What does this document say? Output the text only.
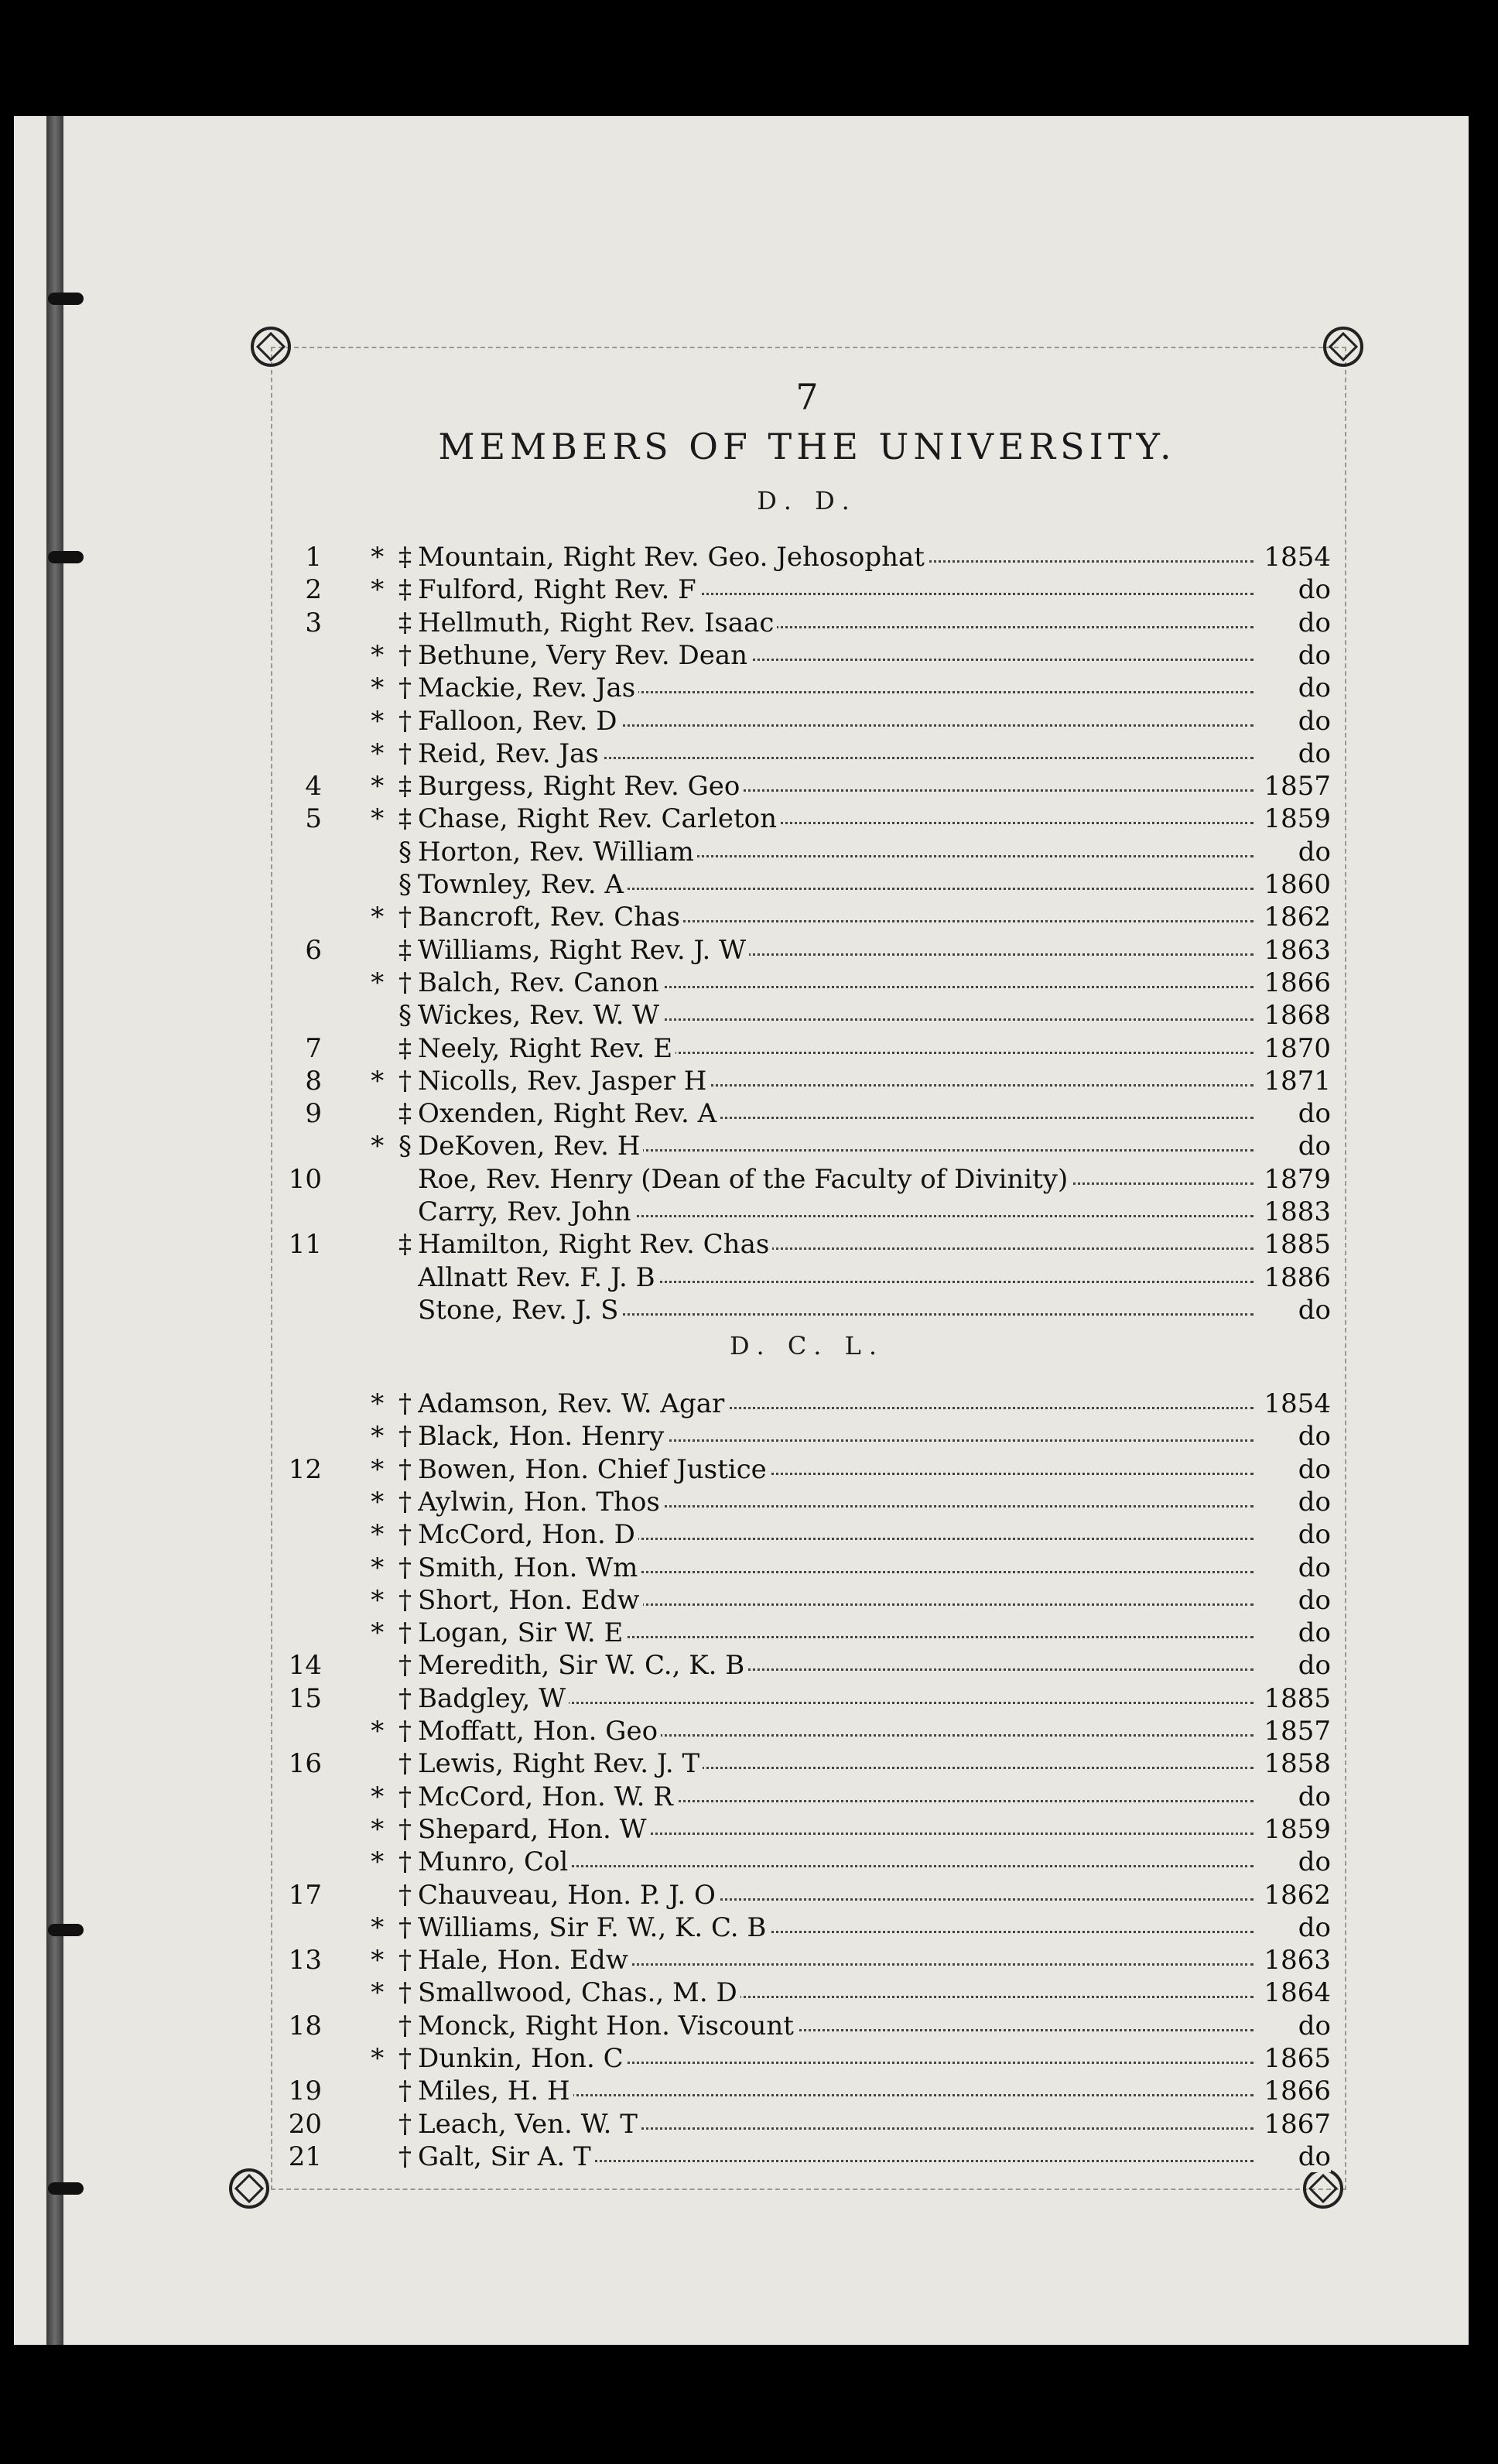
7
MEMBERS OF THE UNIVERSITY.
D. D.
1	* ‡ Mountain, Right Rev. Geo. Jehosophat	1854
2	* ‡ Fulford, Right Rev. F	do
3	‡ Hellmuth, Right Rev. Isaac	do
* † Bethune, Very Rev. Dean	do
* † Mackie, Rev. Jas	do
* † Falloon, Rev. D	do
* † Reid, Rev. Jas	do
4	* ‡ Burgess, Right Rev. Geo	1857
5	* ‡ Chase, Right Rev. Carleton	1859
§ Horton, Rev. William	do
§ Townley, Rev. A	1860
* † Bancroft, Rev. Chas	1862
6	‡ Williams, Right Rev. J. W	1863
* † Balch, Rev. Canon	1866
§ Wickes, Rev. W. W	1868
7	‡ Neely, Right Rev. E	1870
8	* † Nicolls, Rev. Jasper H	1871
9	‡ Oxenden, Right Rev. A	do
* § DeKoven, Rev. H	do
10	Roe, Rev. Henry (Dean of the Faculty of Divinity)	1879
Carry, Rev. John	1883
11	‡ Hamilton, Right Rev. Chas	1885
Allnatt Rev. F. J. B	1886
Stone, Rev. J. S	do
D. C. L.
* † Adamson, Rev. W. Agar	1854
* † Black, Hon. Henry	do
12	* † Bowen, Hon. Chief Justice	do
* † Aylwin, Hon. Thos	do
* † McCord, Hon. D	do
* † Smith, Hon. Wm	do
* † Short, Hon. Edw	do
* † Logan, Sir W. E	do
14	† Meredith, Sir W. C., K. B	do
15	† Badgley, W	1885
* † Moffatt, Hon. Geo	1857
16	† Lewis, Right Rev. J. T	1858
* † McCord, Hon. W. R	do
* † Shepard, Hon. W	1859
* † Munro, Col	do
17	† Chauveau, Hon. P. J. O	1862
* † Williams, Sir F. W., K. C. B	do
13	* † Hale, Hon. Edw	1863
* † Smallwood, Chas., M. D	1864
18	† Monck, Right Hon. Viscount	do
* † Dunkin, Hon. C	1865
19	† Miles, H. H	1866
20	† Leach, Ven. W. T	1867
21	† Galt, Sir A. T	do
